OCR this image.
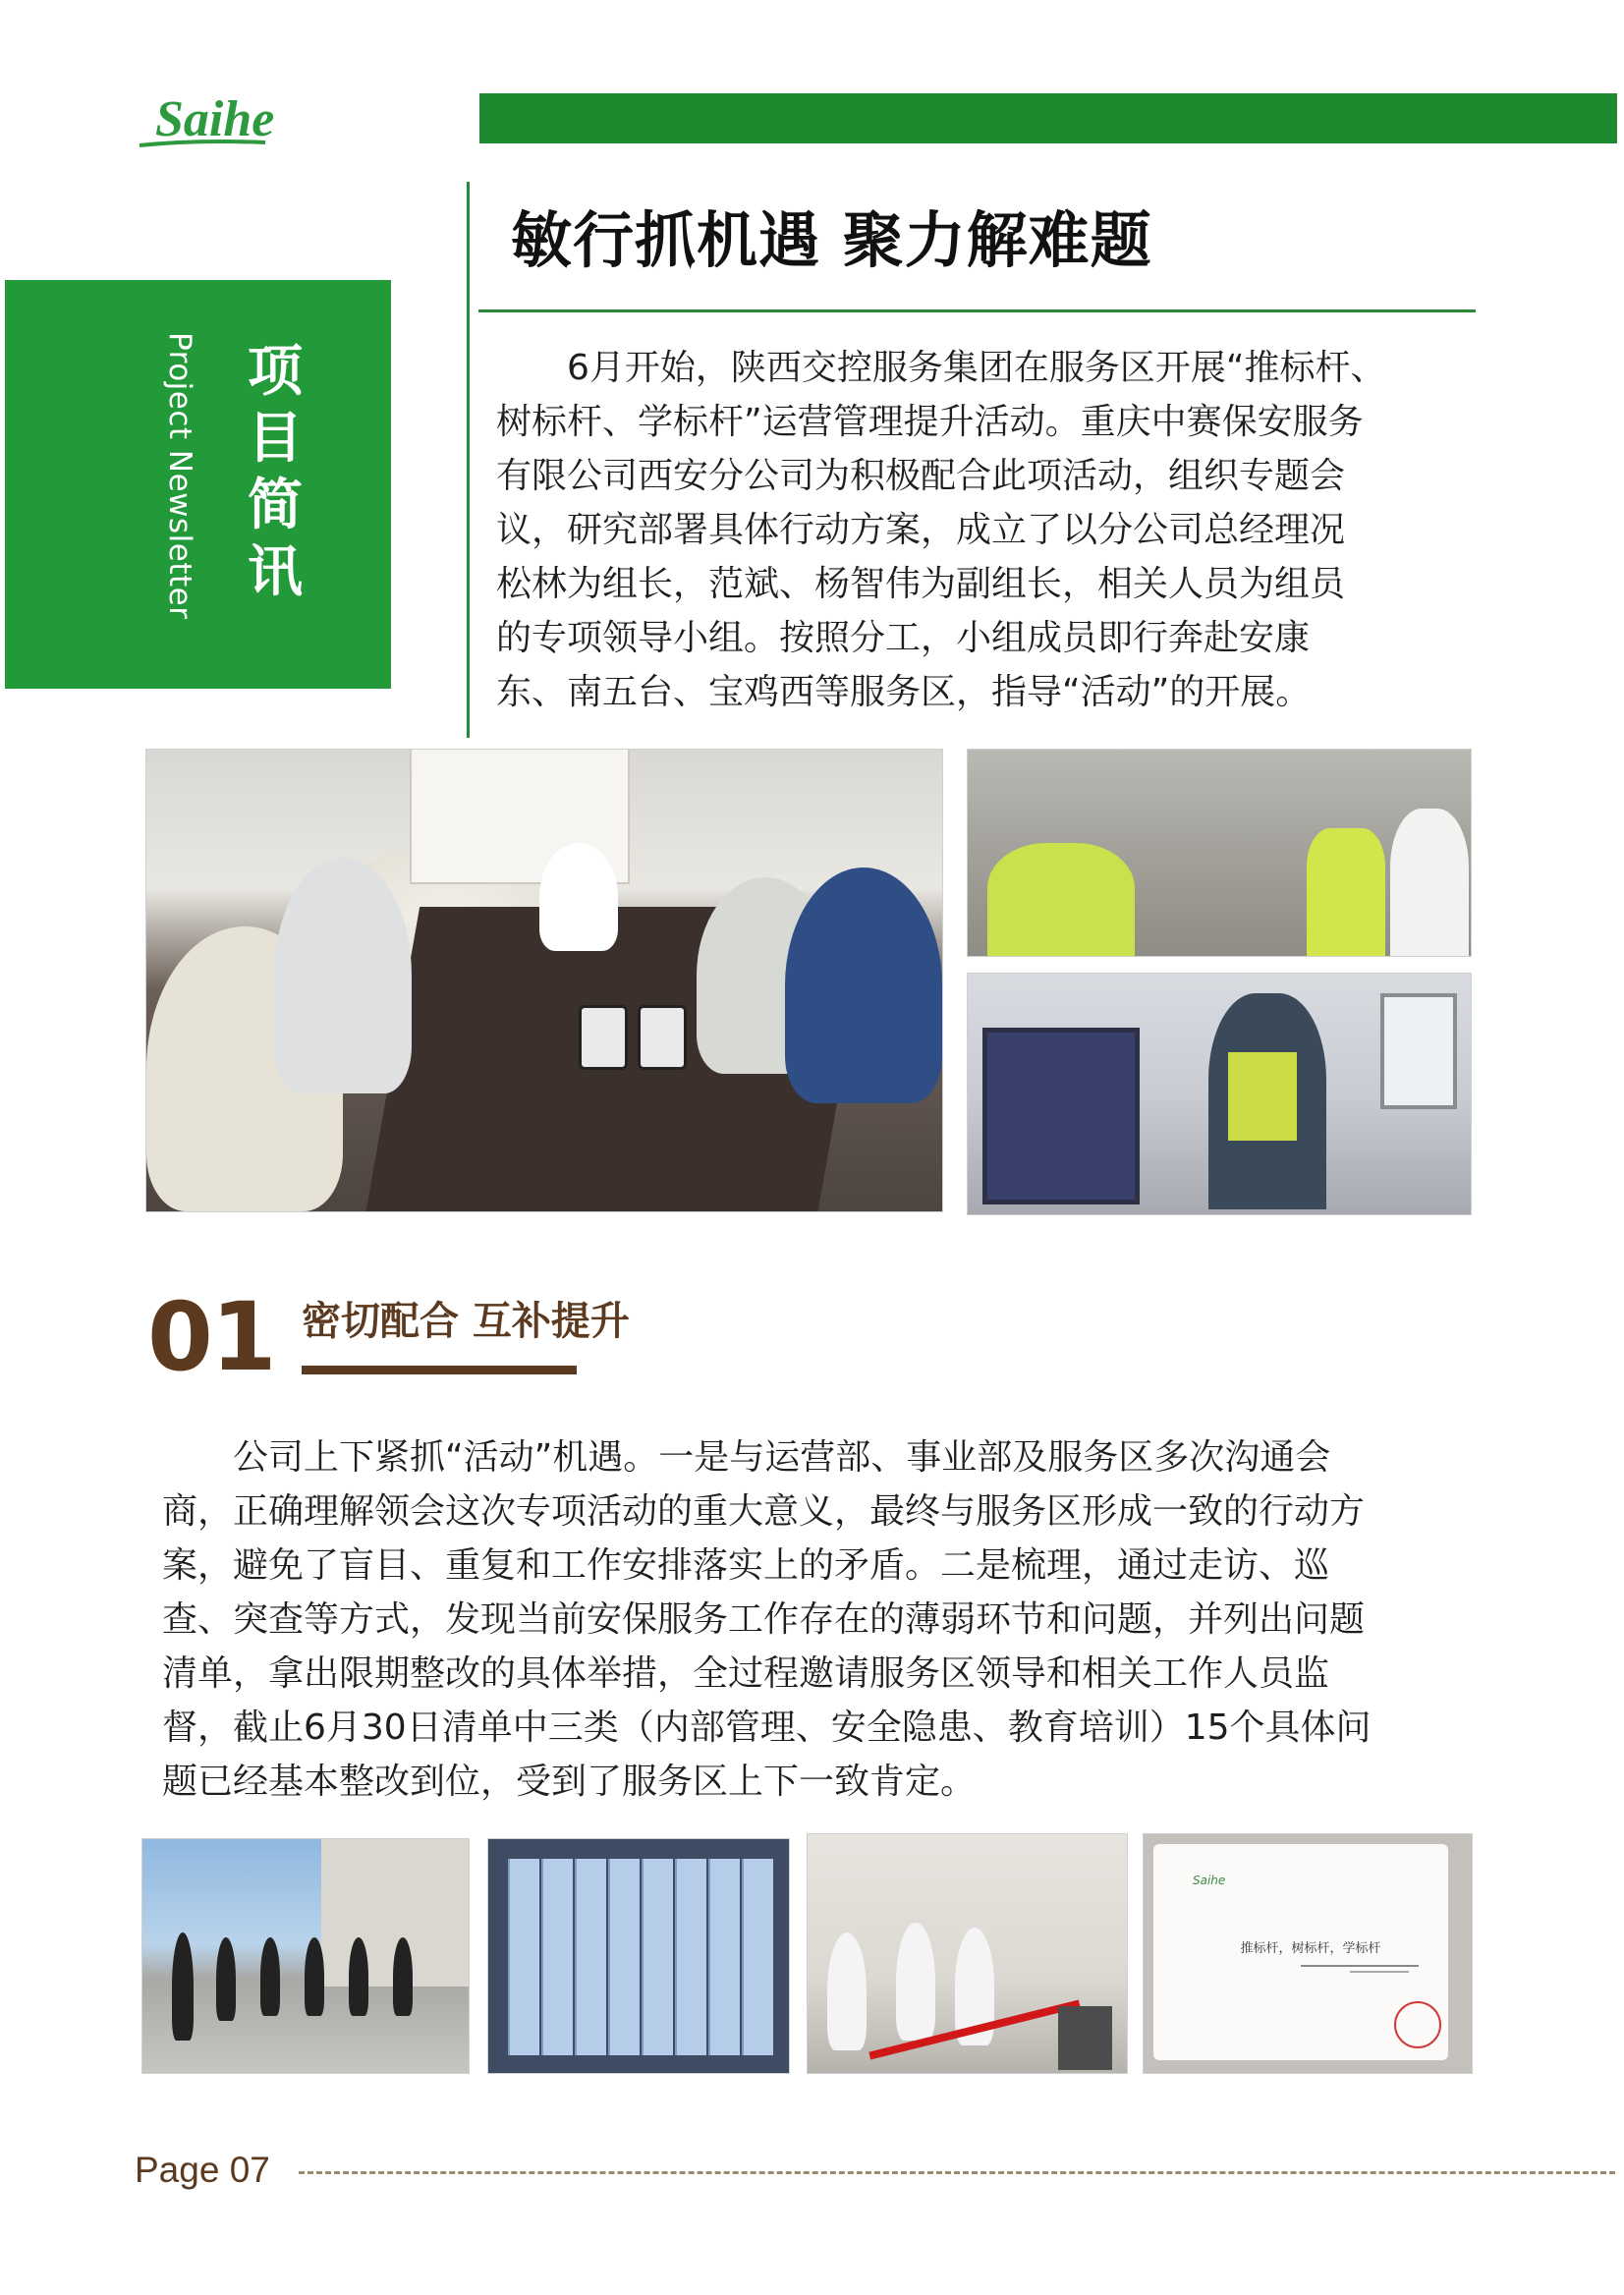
Saihe
敏行抓机遇 聚力解难题
项目简讯
Project Newsletter	　　6月开始，陕西交控服务集团在服务区开展“推标杆、
树标杆、学标杆”运营管理提升活动。重庆中赛保安服务
有限公司西安分公司为积极配合此项活动，组织专题会
议，研究部署具体行动方案，成立了以分公司总经理况
松林为组长，范斌、杨智伟为副组长，相关人员为组员
的专项领导小组。按照分工，小组成员即行奔赴安康
东、南五台、宝鸡西等服务区，指导“活动”的开展。
01 密切配合 互补提升
　　公司上下紧抓“活动”机遇。一是与运营部、事业部及服务区多次沟通会
商，正确理解领会这次专项活动的重大意义，最终与服务区形成一致的行动方
案，避免了盲目、重复和工作安排落实上的矛盾。二是梳理，通过走访、巡
查、突查等方式，发现当前安保服务工作存在的薄弱环节和问题，并列出问题
清单，拿出限期整改的具体举措，全过程邀请服务区领导和相关工作人员监
督，截止6月30日清单中三类（内部管理、安全隐患、教育培训）15个具体问
题已经基本整改到位，受到了服务区上下一致肯定。
Saihe
推标杆，树标杆，学标杆
Page 07
